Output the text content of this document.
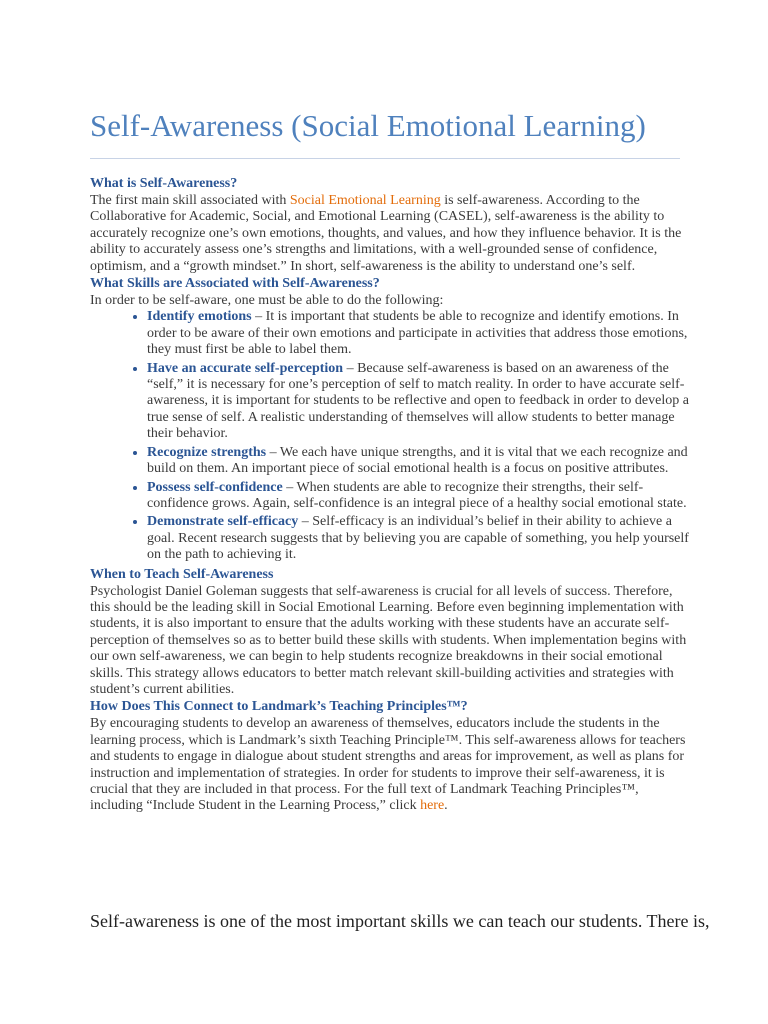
Self-Awareness (Social Emotional Learning)
What is Self-Awareness?

The first main skill associated with Social Emotional Learning is self-awareness. According to the Collaborative for Academic, Social, and Emotional Learning (CASEL), self-awareness is the ability to accurately recognize one’s own emotions, thoughts, and values, and how they influence behavior. It is the ability to accurately assess one’s strengths and limitations, with a well-grounded sense of confidence, optimism, and a “growth mindset.” In short, self-awareness is the ability to understand one’s self.

What Skills are Associated with Self-Awareness?

In order to be self-aware, one must be able to do the following:

• Identify emotions – It is important that students be able to recognize and identify emotions. In order to be aware of their own emotions and participate in activities that address those emotions, they must first be able to label them.
• Have an accurate self-perception – Because self-awareness is based on an awareness of the “self,” it is necessary for one’s perception of self to match reality. In order to have accurate self-awareness, it is important for students to be reflective and open to feedback in order to develop a true sense of self. A realistic understanding of themselves will allow students to better manage their behavior.
• Recognize strengths – We each have unique strengths, and it is vital that we each recognize and build on them. An important piece of social emotional health is a focus on positive attributes.
• Possess self-confidence – When students are able to recognize their strengths, their self-confidence grows. Again, self-confidence is an integral piece of a healthy social emotional state.
• Demonstrate self-efficacy – Self-efficacy is an individual’s belief in their ability to achieve a goal. Recent research suggests that by believing you are capable of something, you help yourself on the path to achieving it.
When to Teach Self-Awareness

Psychologist Daniel Goleman suggests that self-awareness is crucial for all levels of success. Therefore, this should be the leading skill in Social Emotional Learning. Before even beginning implementation with students, it is also important to ensure that the adults working with these students have an accurate self-perception of themselves so as to better build these skills with students. When implementation begins with our own self-awareness, we can begin to help students recognize breakdowns in their social emotional skills. This strategy allows educators to better match relevant skill-building activities and strategies with student’s current abilities.

How Does This Connect to Landmark’s Teaching Principles™?

By encouraging students to develop an awareness of themselves, educators include the students in the learning process, which is Landmark’s sixth Teaching Principle™. This self-awareness allows for teachers and students to engage in dialogue about student strengths and areas for improvement, as well as plans for instruction and implementation of strategies. In order for students to improve their self-awareness, it is crucial that they are included in that process. For the full text of Landmark Teaching Principles™, including “Include Student in the Learning Process,” click here.

Self-awareness is one of the most important skills we can teach our students. There is,
